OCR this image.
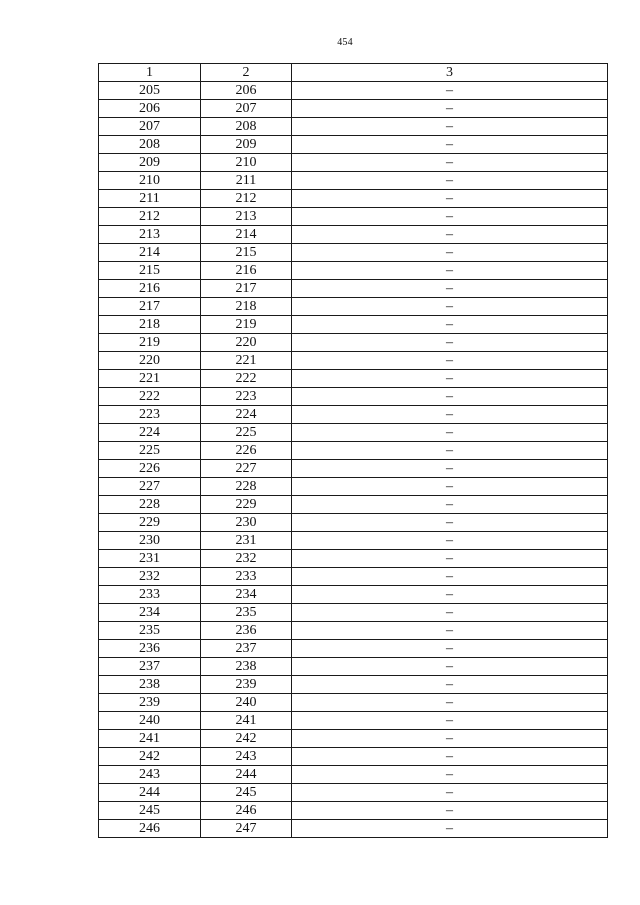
454
1	2	3
205	206	–
206	207	–
207	208	–
208	209	–
209	210	–
210	211	–
211	212	–
212	213	–
213	214	–
214	215	–
215	216	–
216	217	–
217	218	–
218	219	–
219	220	–
220	221	–
221	222	–
222	223	–
223	224	–
224	225	–
225	226	–
226	227	–
227	228	–
228	229	–
229	230	–
230	231	–
231	232	–
232	233	–
233	234	–
234	235	–
235	236	–
236	237	–
237	238	–
238	239	–
239	240	–
240	241	–
241	242	–
242	243	–
243	244	–
244	245	–
245	246	–
246	247	–
